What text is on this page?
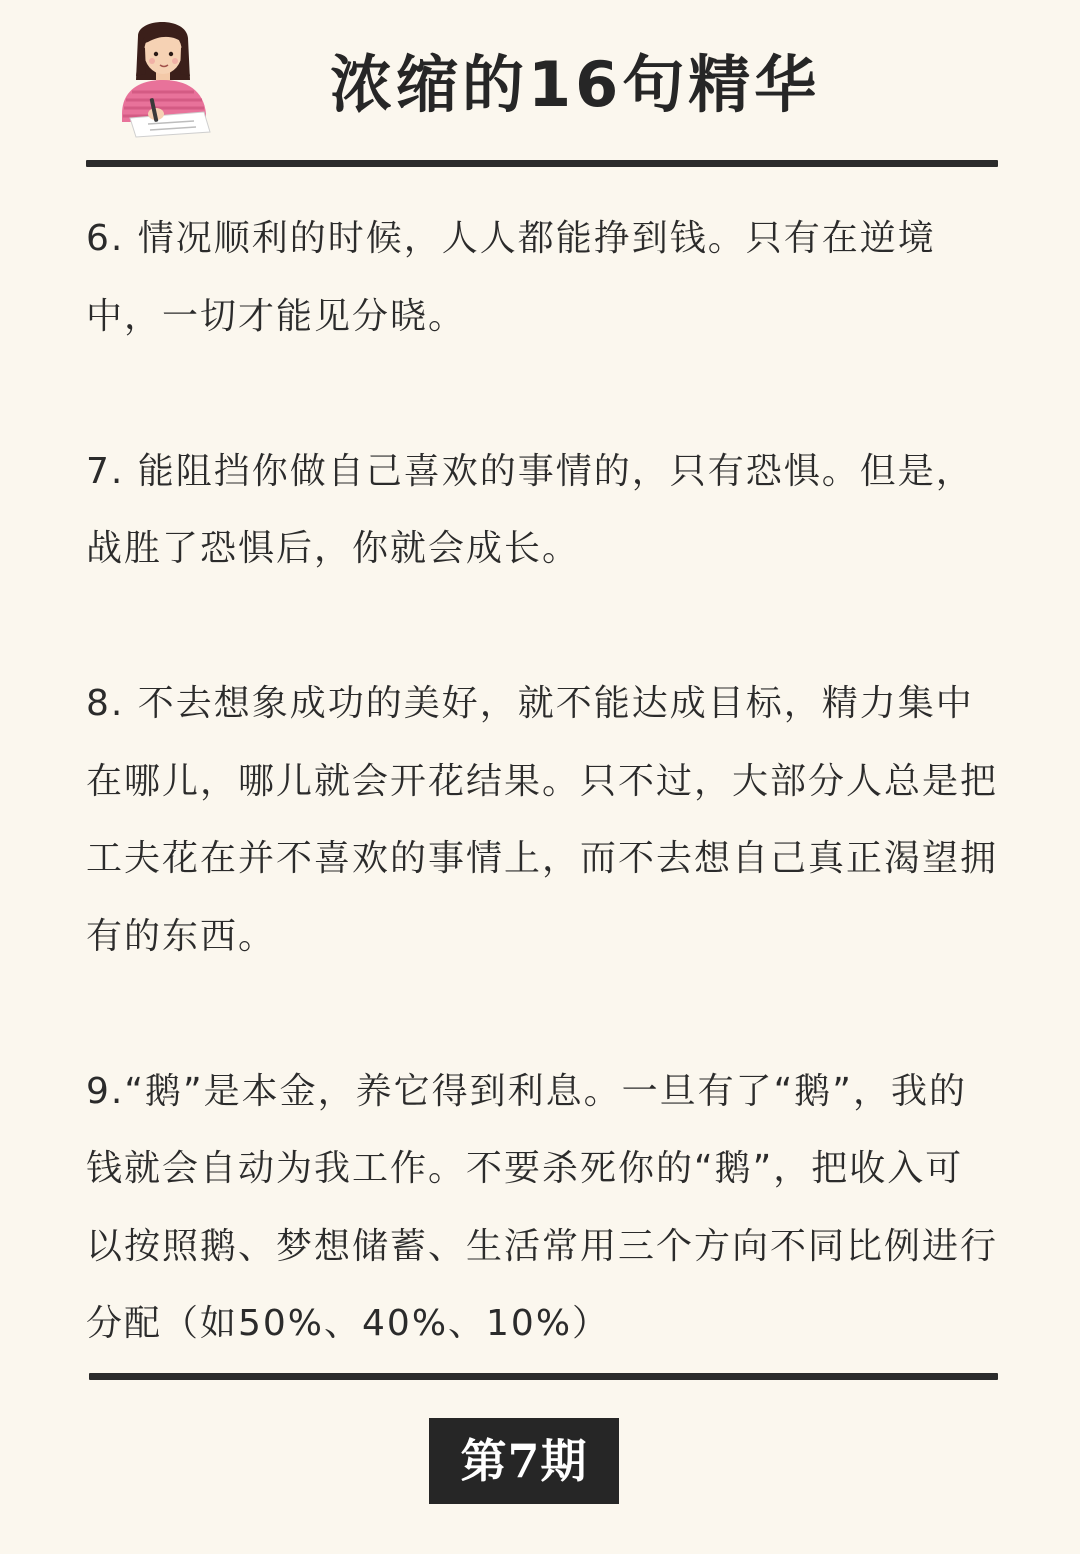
浓缩的16句精华

6. 情况顺利的时候，人人都能挣到钱。只有在逆境中，一切才能见分晓。

7. 能阻挡你做自己喜欢的事情的，只有恐惧。但是，战胜了恐惧后，你就会成长。

8. 不去想象成功的美好，就不能达成目标，精力集中在哪儿，哪儿就会开花结果。只不过，大部分人总是把工夫花在并不喜欢的事情上，而不去想自己真正渴望拥有的东西。

9.“鹅”是本金，养它得到利息。一旦有了“鹅”，我的钱就会自动为我工作。不要杀死你的“鹅”，把收入可以按照鹅、梦想储蓄、生活常用三个方向不同比例进行分配（如50%、40%、10%）

第7期
